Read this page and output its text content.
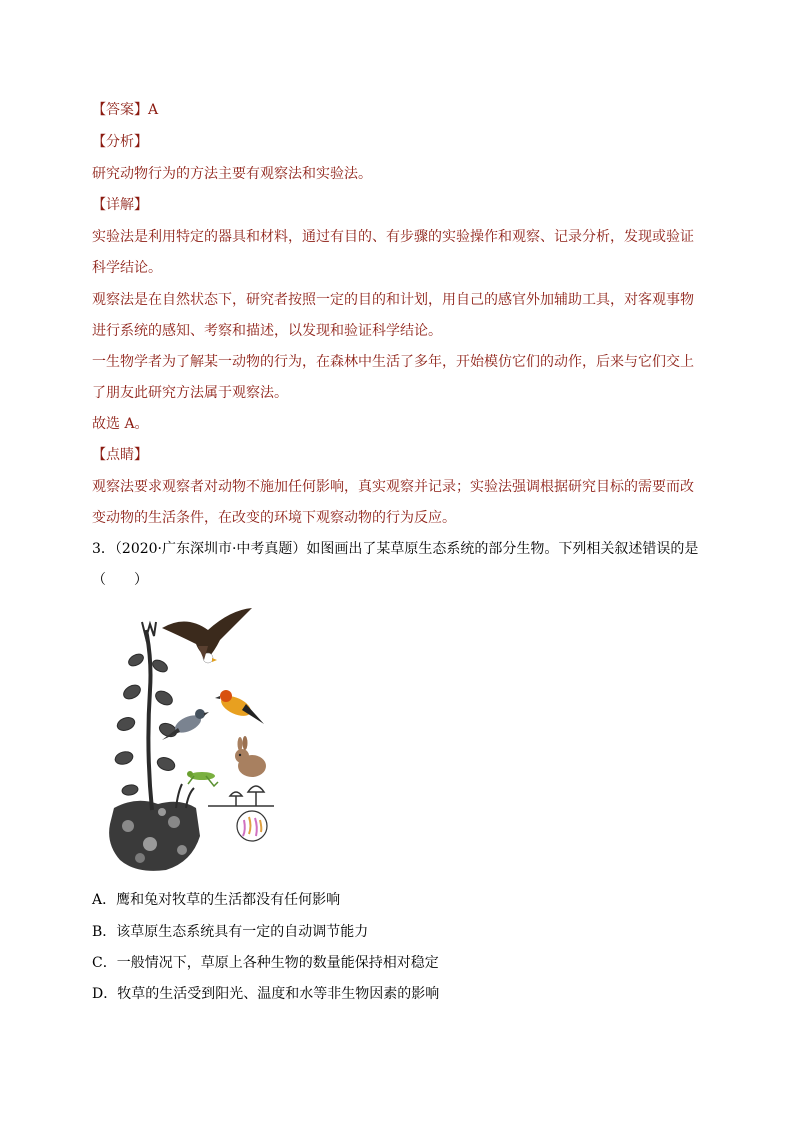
【答案】A
【分析】
研究动物行为的方法主要有观察法和实验法。
【详解】
实验法是利用特定的器具和材料，通过有目的、有步骤的实验操作和观察、记录分析，发现或验证
科学结论。
观察法是在自然状态下，研究者按照一定的目的和计划，用自己的感官外加辅助工具，对客观事物
进行系统的感知、考察和描述，以发现和验证科学结论。
一生物学者为了解某一动物的行为，在森林中生活了多年，开始模仿它们的动作，后来与它们交上
了朋友此研究方法属于观察法。
故选 A。
【点睛】
观察法要求观察者对动物不施加任何影响，真实观察并记录；实验法强调根据研究目标的需要而改
变动物的生活条件，在改变的环境下观察动物的行为反应。
3．（2020·广东深圳市·中考真题）如图画出了某草原生态系统的部分生物。下列相关叙述错误的是
（　　）
A．鹰和兔对牧草的生活都没有任何影响
B．该草原生态系统具有一定的自动调节能力
C．一般情况下，草原上各种生物的数量能保持相对稳定
D．牧草的生活受到阳光、温度和水等非生物因素的影响
